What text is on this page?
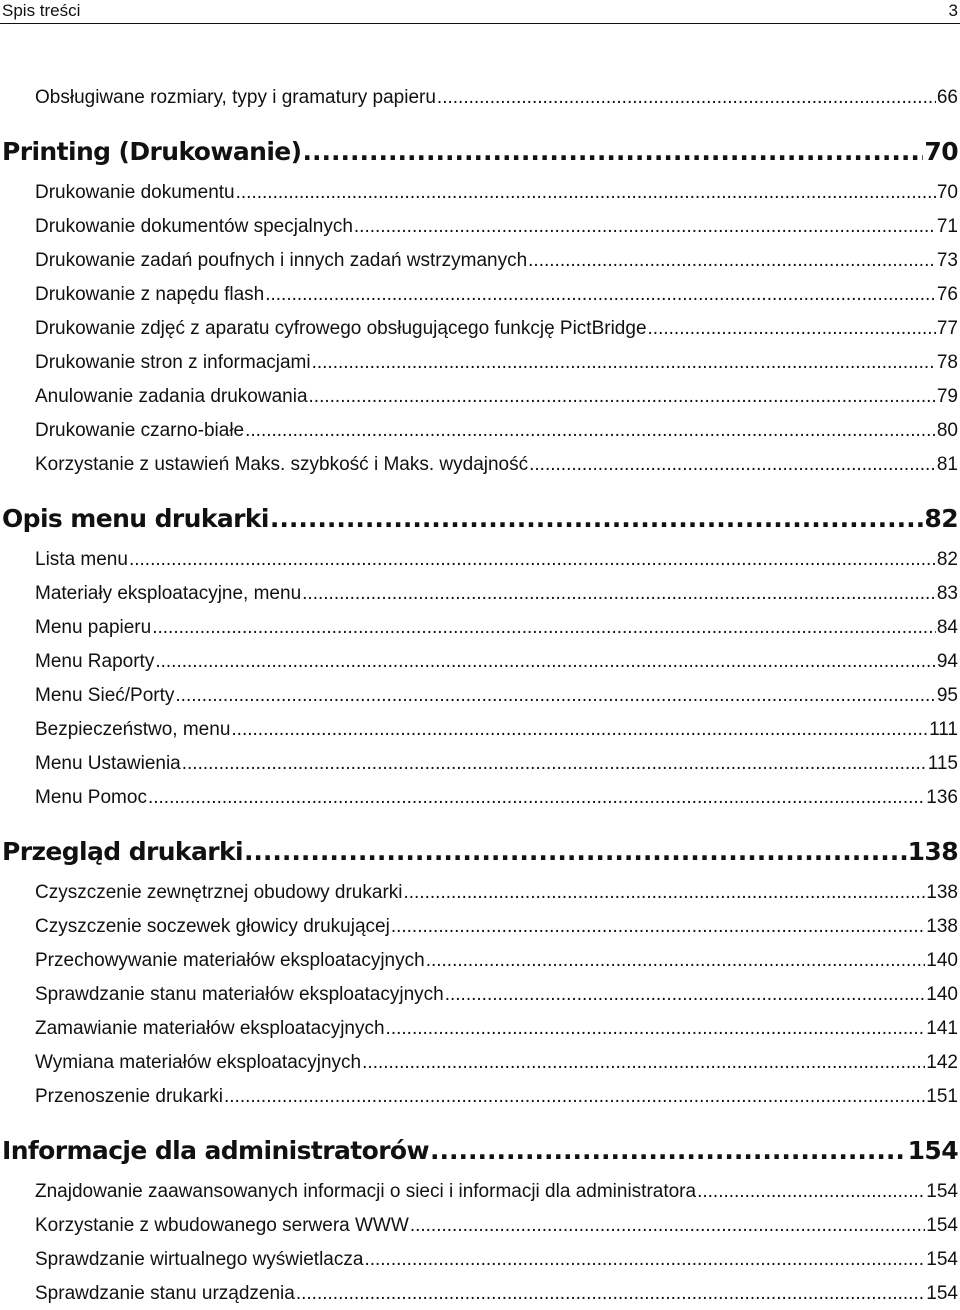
Spis treści	3
Obsługiwane rozmiary, typy i gramatury papieru .....	66
Printing (Drukowanie) .....	70
Drukowanie dokumentu .....	70
Drukowanie dokumentów specjalnych .....	71
Drukowanie zadań poufnych i innych zadań wstrzymanych .....	73
Drukowanie z napędu flash .....	76
Drukowanie zdjęć z aparatu cyfrowego obsługującego funkcję PictBridge .....	77
Drukowanie stron z informacjami .....	78
Anulowanie zadania drukowania .....	79
Drukowanie czarno-białe .....	80
Korzystanie z ustawień Maks. szybkość i Maks. wydajność .....	81
Opis menu drukarki .....	82
Lista menu .....	82
Materiały eksploatacyjne, menu .....	83
Menu papieru .....	84
Menu Raporty .....	94
Menu Sieć/Porty .....	95
Bezpieczeństwo, menu .....	111
Menu Ustawienia .....	115
Menu Pomoc .....	136
Przegląd drukarki .....	138
Czyszczenie zewnętrznej obudowy drukarki .....	138
Czyszczenie soczewek głowicy drukującej .....	138
Przechowywanie materiałów eksploatacyjnych .....	140
Sprawdzanie stanu materiałów eksploatacyjnych .....	140
Zamawianie materiałów eksploatacyjnych .....	141
Wymiana materiałów eksploatacyjnych .....	142
Przenoszenie drukarki .....	151
Informacje dla administratorów .....	154
Znajdowanie zaawansowanych informacji o sieci i informacji dla administratora .....	154
Korzystanie z wbudowanego serwera WWW .....	154
Sprawdzanie wirtualnego wyświetlacza .....	154
Sprawdzanie stanu urządzenia .....	154
